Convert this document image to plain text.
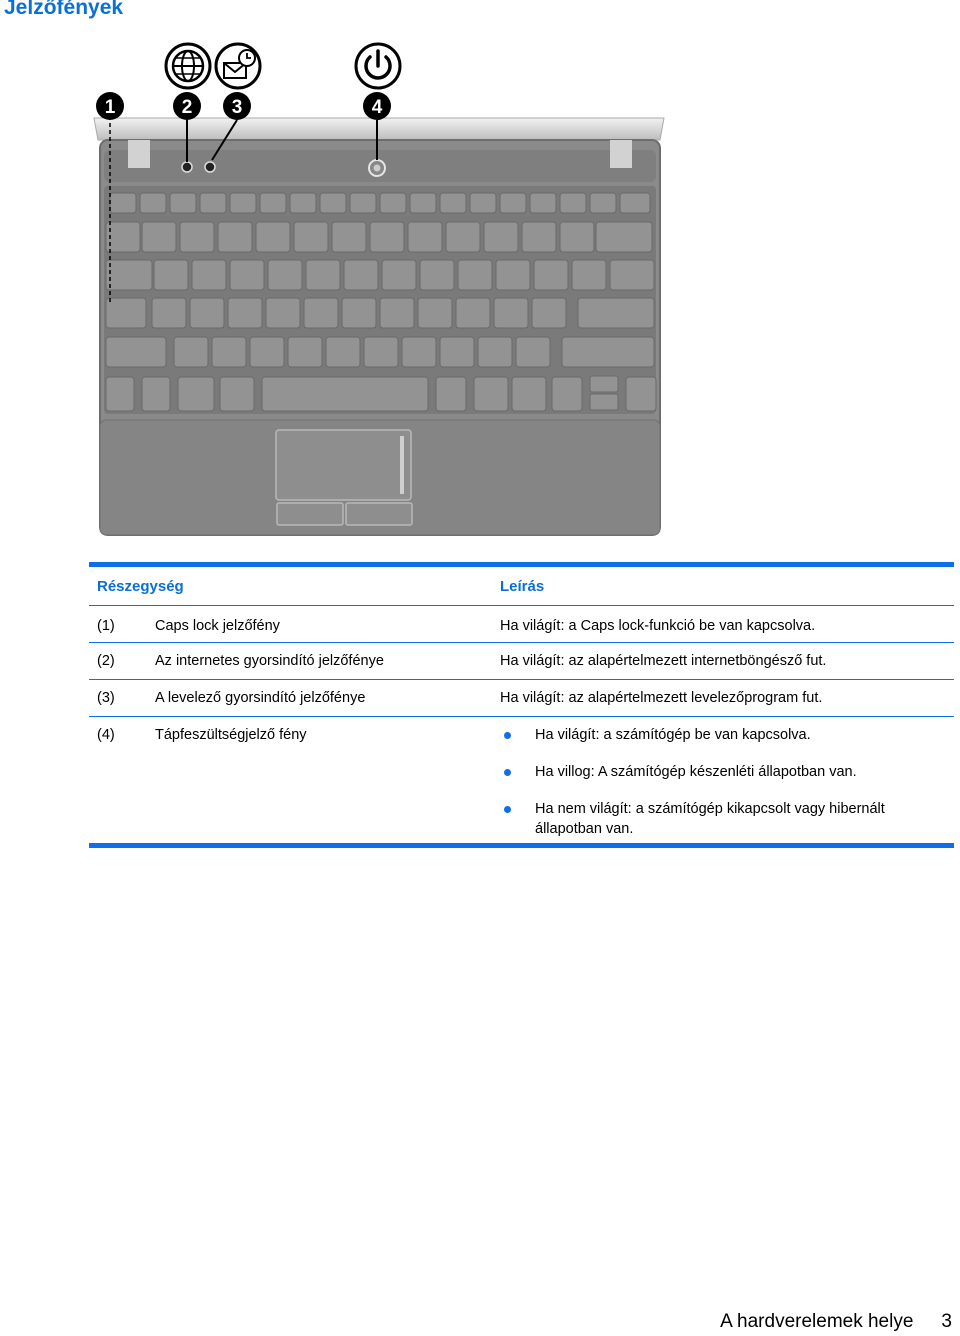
Jelzőfények
1	2 3	4
Részegység	Leírás
(1)	Caps lock jelzőfény	Ha világít: a Caps lock-funkció be van kapcsolva.
(2)	Az internetes gyorsindító jelzőfénye	Ha világít: az alapértelmezett internetböngésző fut.
(3)	A levelező gyorsindító jelzőfénye	Ha világít: az alapértelmezett levelezőprogram fut.
(4)	Tápfeszültségjelző fény	Ha világít: a számítógép be van kapcsolva.
Ha villog: A számítógép készenléti állapotban van.
Ha nem világít: a számítógép kikapcsolt vagy hibernált állapotban van.
A hardverelemek helye 3
